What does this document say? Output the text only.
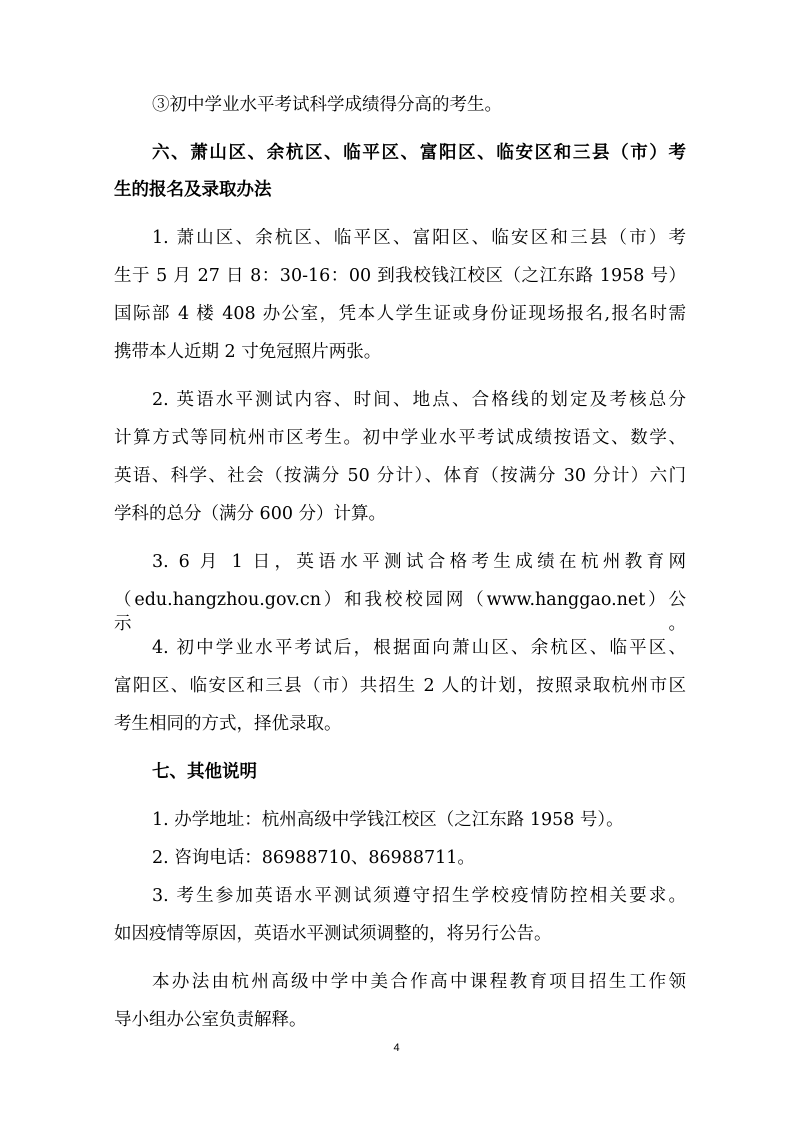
③初中学业水平考试科学成绩得分高的考生。
六、萧山区、余杭区、临平区、富阳区、临安区和三县（市）考
生的报名及录取办法
1. 萧山区、余杭区、临平区、富阳区、临安区和三县（市）考
生于 5 月 27 日 8：30-16：00 到我校钱江校区（之江东路 1958 号）
国际部 4 楼 408 办公室，凭本人学生证或身份证现场报名,报名时需
携带本人近期 2 寸免冠照片两张。
2. 英语水平测试内容、时间、地点、合格线的划定及考核总分
计算方式等同杭州市区考生。初中学业水平考试成绩按语文、数学、
英语、科学、社会（按满分 50 分计）、体育（按满分 30 分计）六门
学科的总分（满分 600 分）计算。
3. 6 月 1 日，英语水平测试合格考生成绩在杭州教育网
（edu.hangzhou.gov.cn）和我校校园网（www.hanggao.net）公示。
4. 初中学业水平考试后，根据面向萧山区、余杭区、临平区、
富阳区、临安区和三县（市）共招生 2 人的计划，按照录取杭州市区
考生相同的方式，择优录取。
七、其他说明
1. 办学地址：杭州高级中学钱江校区（之江东路 1958 号）。
2. 咨询电话：86988710、86988711。
3. 考生参加英语水平测试须遵守招生学校疫情防控相关要求。
如因疫情等原因，英语水平测试须调整的，将另行公告。
本办法由杭州高级中学中美合作高中课程教育项目招生工作领
导小组办公室负责解释。
4
